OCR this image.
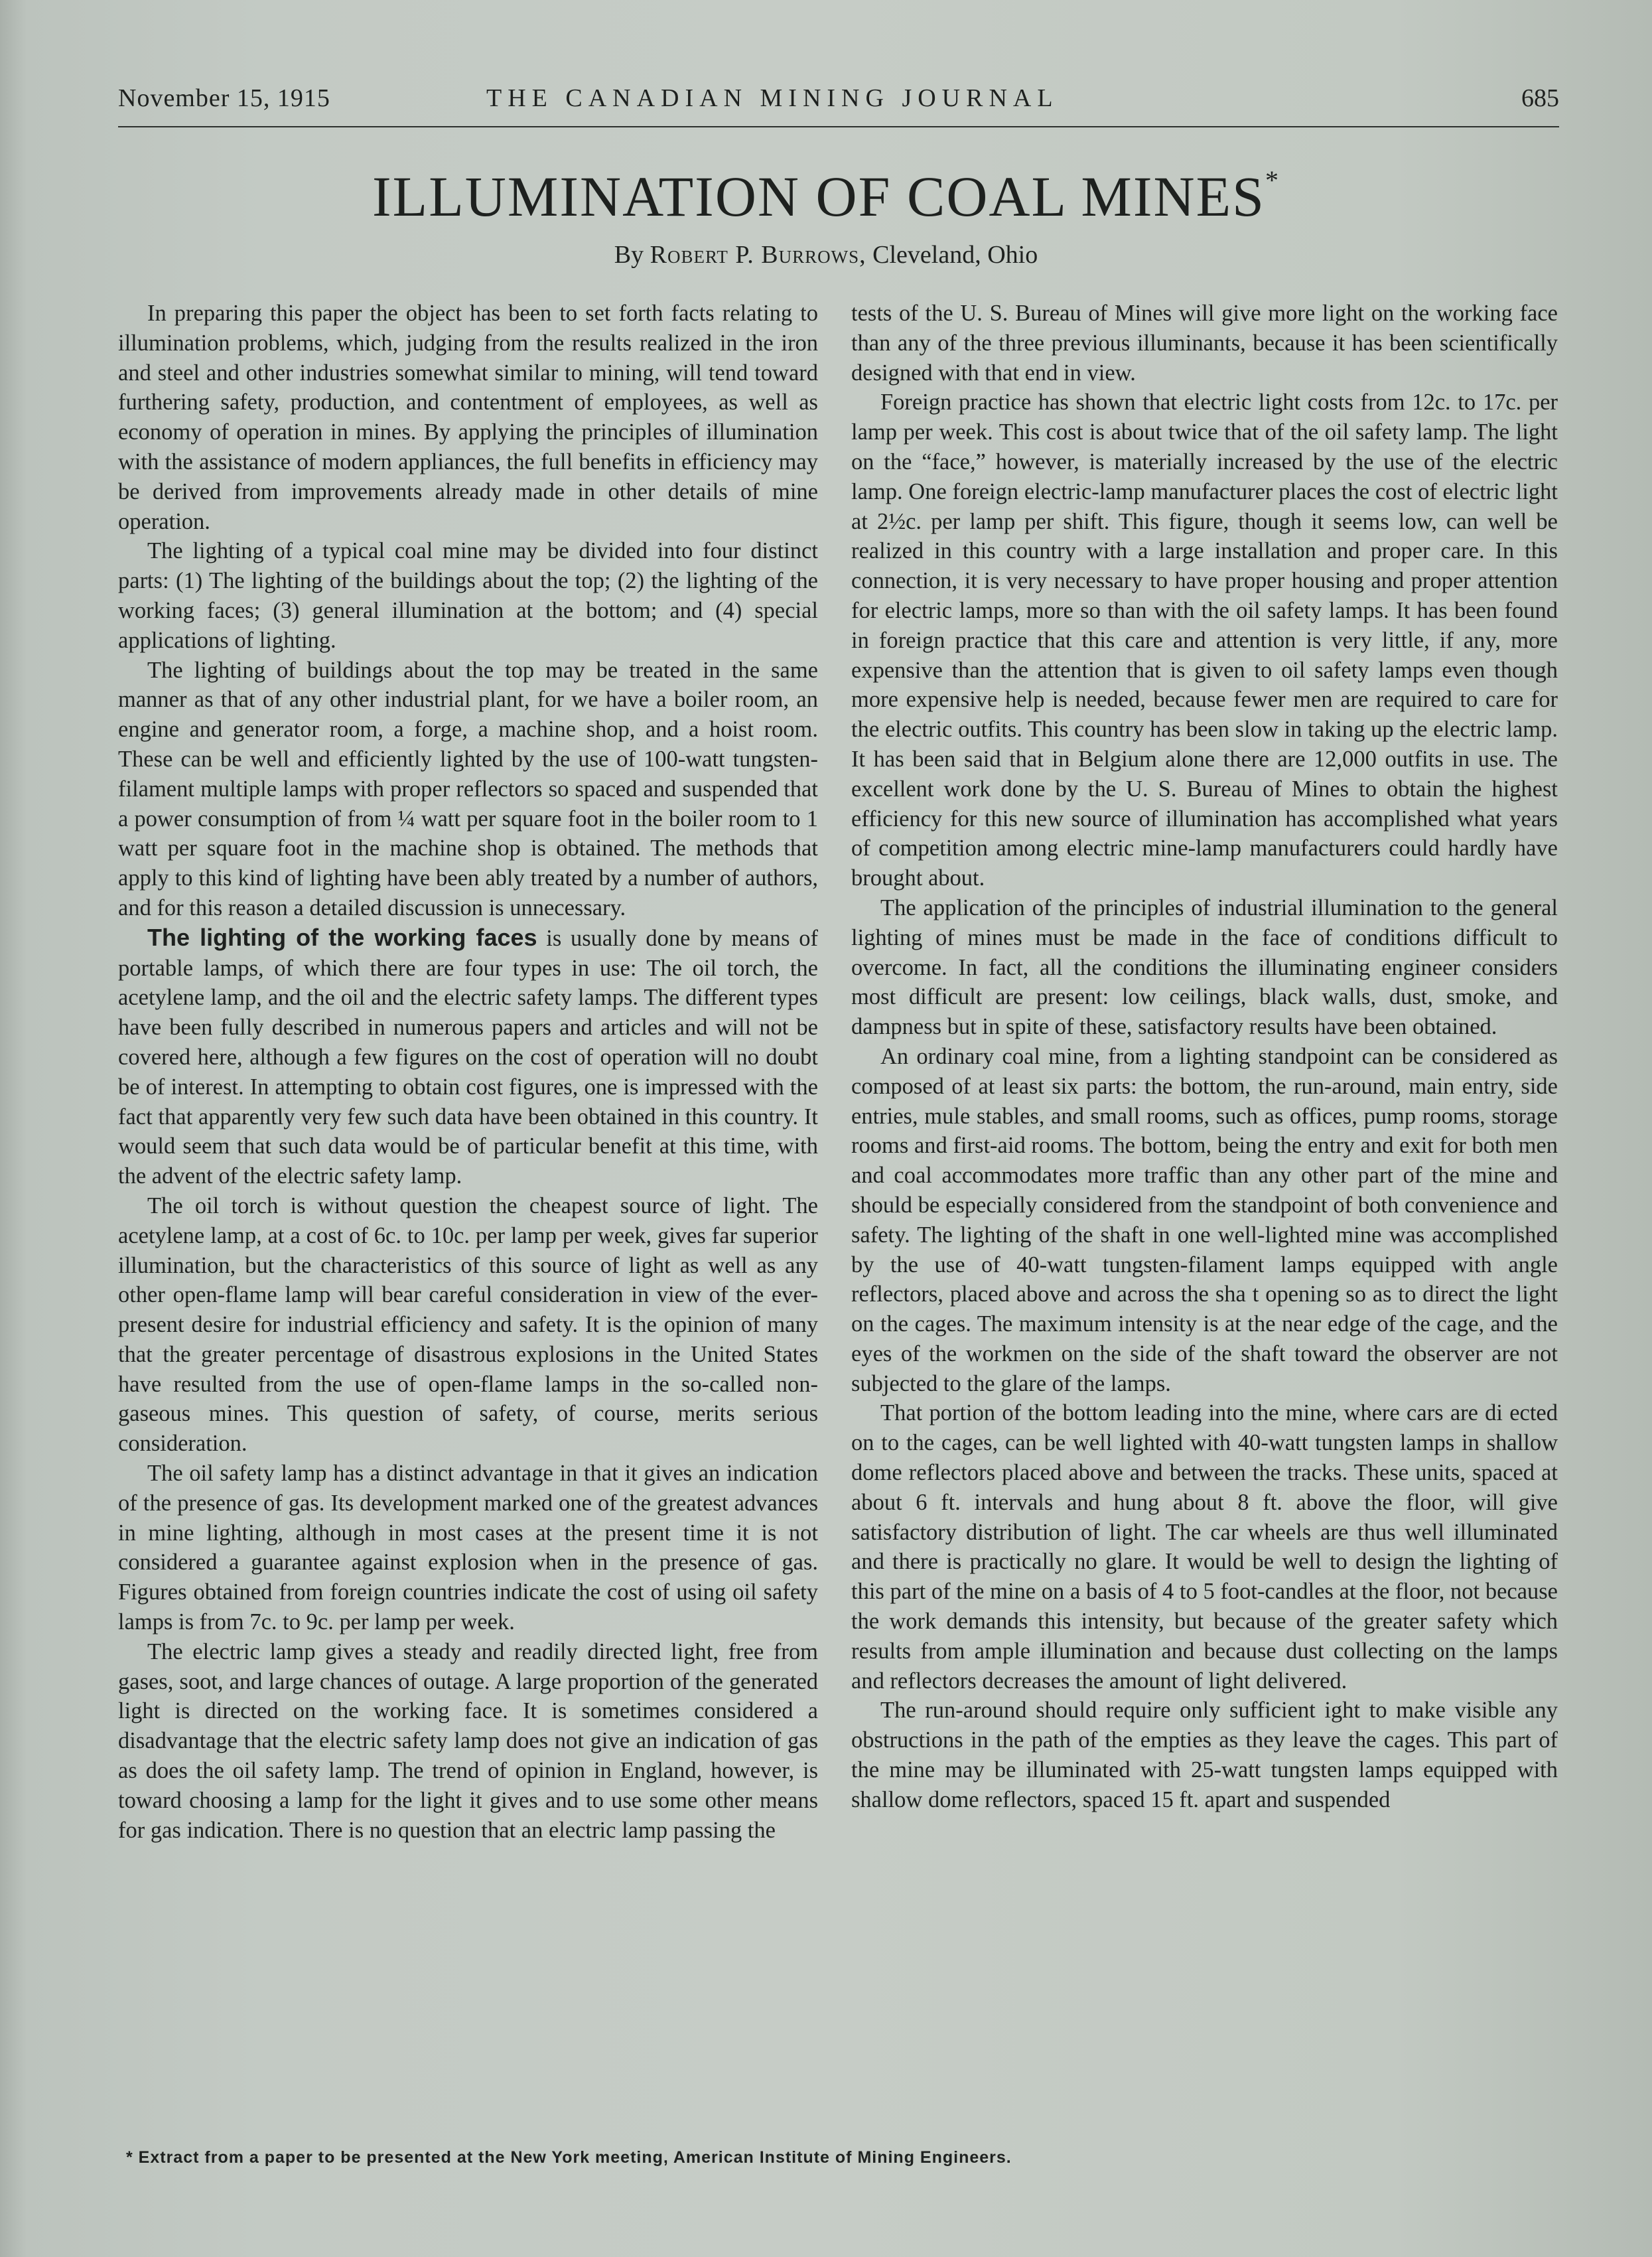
November 15, 1915	THE CANADIAN MINING JOURNAL	685
ILLUMINATION OF COAL MINES*
By Robert P. Burrows, Cleveland, Ohio

In preparing this paper the object has been to set forth facts relating to illumination problems, which, judging from the results realized in the iron and steel and other industries somewhat similar to mining, will tend toward furthering safety, production, and contentment of employees, as well as economy of operation in mines. By applying the principles of illumination with the assistance of modern appliances, the full benefits in efficiency may be derived from improvements already made in other details of mine operation.

The lighting of a typical coal mine may be divided into four distinct parts: (1) The lighting of the buildings about the top; (2) the lighting of the working faces; (3) general illumination at the bottom; and (4) special applications of lighting.

The lighting of buildings about the top may be treated in the same manner as that of any other industrial plant, for we have a boiler room, an engine and generator room, a forge, a machine shop, and a hoist room. These can be well and efficiently lighted by the use of 100-watt tungsten-filament multiple lamps with proper reflectors so spaced and suspended that a power consumption of from ¼ watt per square foot in the boiler room to 1 watt per square foot in the machine shop is obtained. The methods that apply to this kind of lighting have been ably treated by a number of authors, and for this reason a detailed discussion is unnecessary.

The lighting of the working faces is usually done by means of portable lamps, of which there are four types in use: The oil torch, the acetylene lamp, and the oil and the electric safety lamps. The different types have been fully described in numerous papers and articles and will not be covered here, although a few figures on the cost of operation will no doubt be of interest. In attempting to obtain cost figures, one is impressed with the fact that apparently very few such data have been obtained in this country. It would seem that such data would be of particular benefit at this time, with the advent of the electric safety lamp.

The oil torch is without question the cheapest source of light. The acetylene lamp, at a cost of 6c. to 10c. per lamp per week, gives far superior illumination, but the characteristics of this source of light as well as any other open-flame lamp will bear careful consideration in view of the ever-present desire for industrial efficiency and safety. It is the opinion of many that the greater percentage of disastrous explosions in the United States have resulted from the use of open-flame lamps in the so-called non-gaseous mines. This question of safety, of course, merits serious consideration.

The oil safety lamp has a distinct advantage in that it gives an indication of the presence of gas. Its development marked one of the greatest advances in mine lighting, although in most cases at the present time it is not considered a guarantee against explosion when in the presence of gas. Figures obtained from foreign countries indicate the cost of using oil safety lamps is from 7c. to 9c. per lamp per week.

The electric lamp gives a steady and readily directed light, free from gases, soot, and large chances of outage. A large proportion of the generated light is directed on the working face. It is sometimes considered a disadvantage that the electric safety lamp does not give an indication of gas as does the oil safety lamp. The trend of opinion in England, however, is toward choosing a lamp for the light it gives and to use some other means for gas indication. There is no question that an electric lamp passing the

tests of the U. S. Bureau of Mines will give more light on the working face than any of the three previous illuminants, because it has been scientifically designed with that end in view.

Foreign practice has shown that electric light costs from 12c. to 17c. per lamp per week. This cost is about twice that of the oil safety lamp. The light on the “face,” however, is materially increased by the use of the electric lamp. One foreign electric-lamp manufacturer places the cost of electric light at 2½c. per lamp per shift. This figure, though it seems low, can well be realized in this country with a large installation and proper care. In this connection, it is very necessary to have proper housing and proper attention for electric lamps, more so than with the oil safety lamps. It has been found in foreign practice that this care and attention is very little, if any, more expensive than the attention that is given to oil safety lamps even though more expensive help is needed, because fewer men are required to care for the electric outfits. This country has been slow in taking up the electric lamp. It has been said that in Belgium alone there are 12,000 outfits in use. The excellent work done by the U. S. Bureau of Mines to obtain the highest efficiency for this new source of illumination has accomplished what years of competition among electric mine-lamp manufacturers could hardly have brought about.

The application of the principles of industrial illumination to the general lighting of mines must be made in the face of conditions difficult to overcome. In fact, all the conditions the illuminating engineer considers most difficult are present: low ceilings, black walls, dust, smoke, and dampness but in spite of these, satisfactory results have been obtained.

An ordinary coal mine, from a lighting standpoint can be considered as composed of at least six parts: the bottom, the run-around, main entry, side entries, mule stables, and small rooms, such as offices, pump rooms, storage rooms and first-aid rooms. The bottom, being the entry and exit for both men and coal accommodates more traffic than any other part of the mine and should be especially considered from the standpoint of both convenience and safety. The lighting of the shaft in one well-lighted mine was accomplished by the use of 40-watt tungsten-filament lamps equipped with angle reflectors, placed above and across the sha t opening so as to direct the light on the cages. The maximum intensity is at the near edge of the cage, and the eyes of the workmen on the side of the shaft toward the observer are not subjected to the glare of the lamps.

That portion of the bottom leading into the mine, where cars are di ected on to the cages, can be well lighted with 40-watt tungsten lamps in shallow dome reflectors placed above and between the tracks. These units, spaced at about 6 ft. intervals and hung about 8 ft. above the floor, will give satisfactory distribution of light. The car wheels are thus well illuminated and there is practically no glare. It would be well to design the lighting of this part of the mine on a basis of 4 to 5 foot-candles at the floor, not because the work demands this intensity, but because of the greater safety which results from ample illumination and because dust collecting on the lamps and reflectors decreases the amount of light delivered.

The run-around should require only sufficient ight to make visible any obstructions in the path of the empties as they leave the cages. This part of the mine may be illuminated with 25-watt tungsten lamps equipped with shallow dome reflectors, spaced 15 ft. apart and suspended

* Extract from a paper to be presented at the New York meeting, American Institute of Mining Engineers.
